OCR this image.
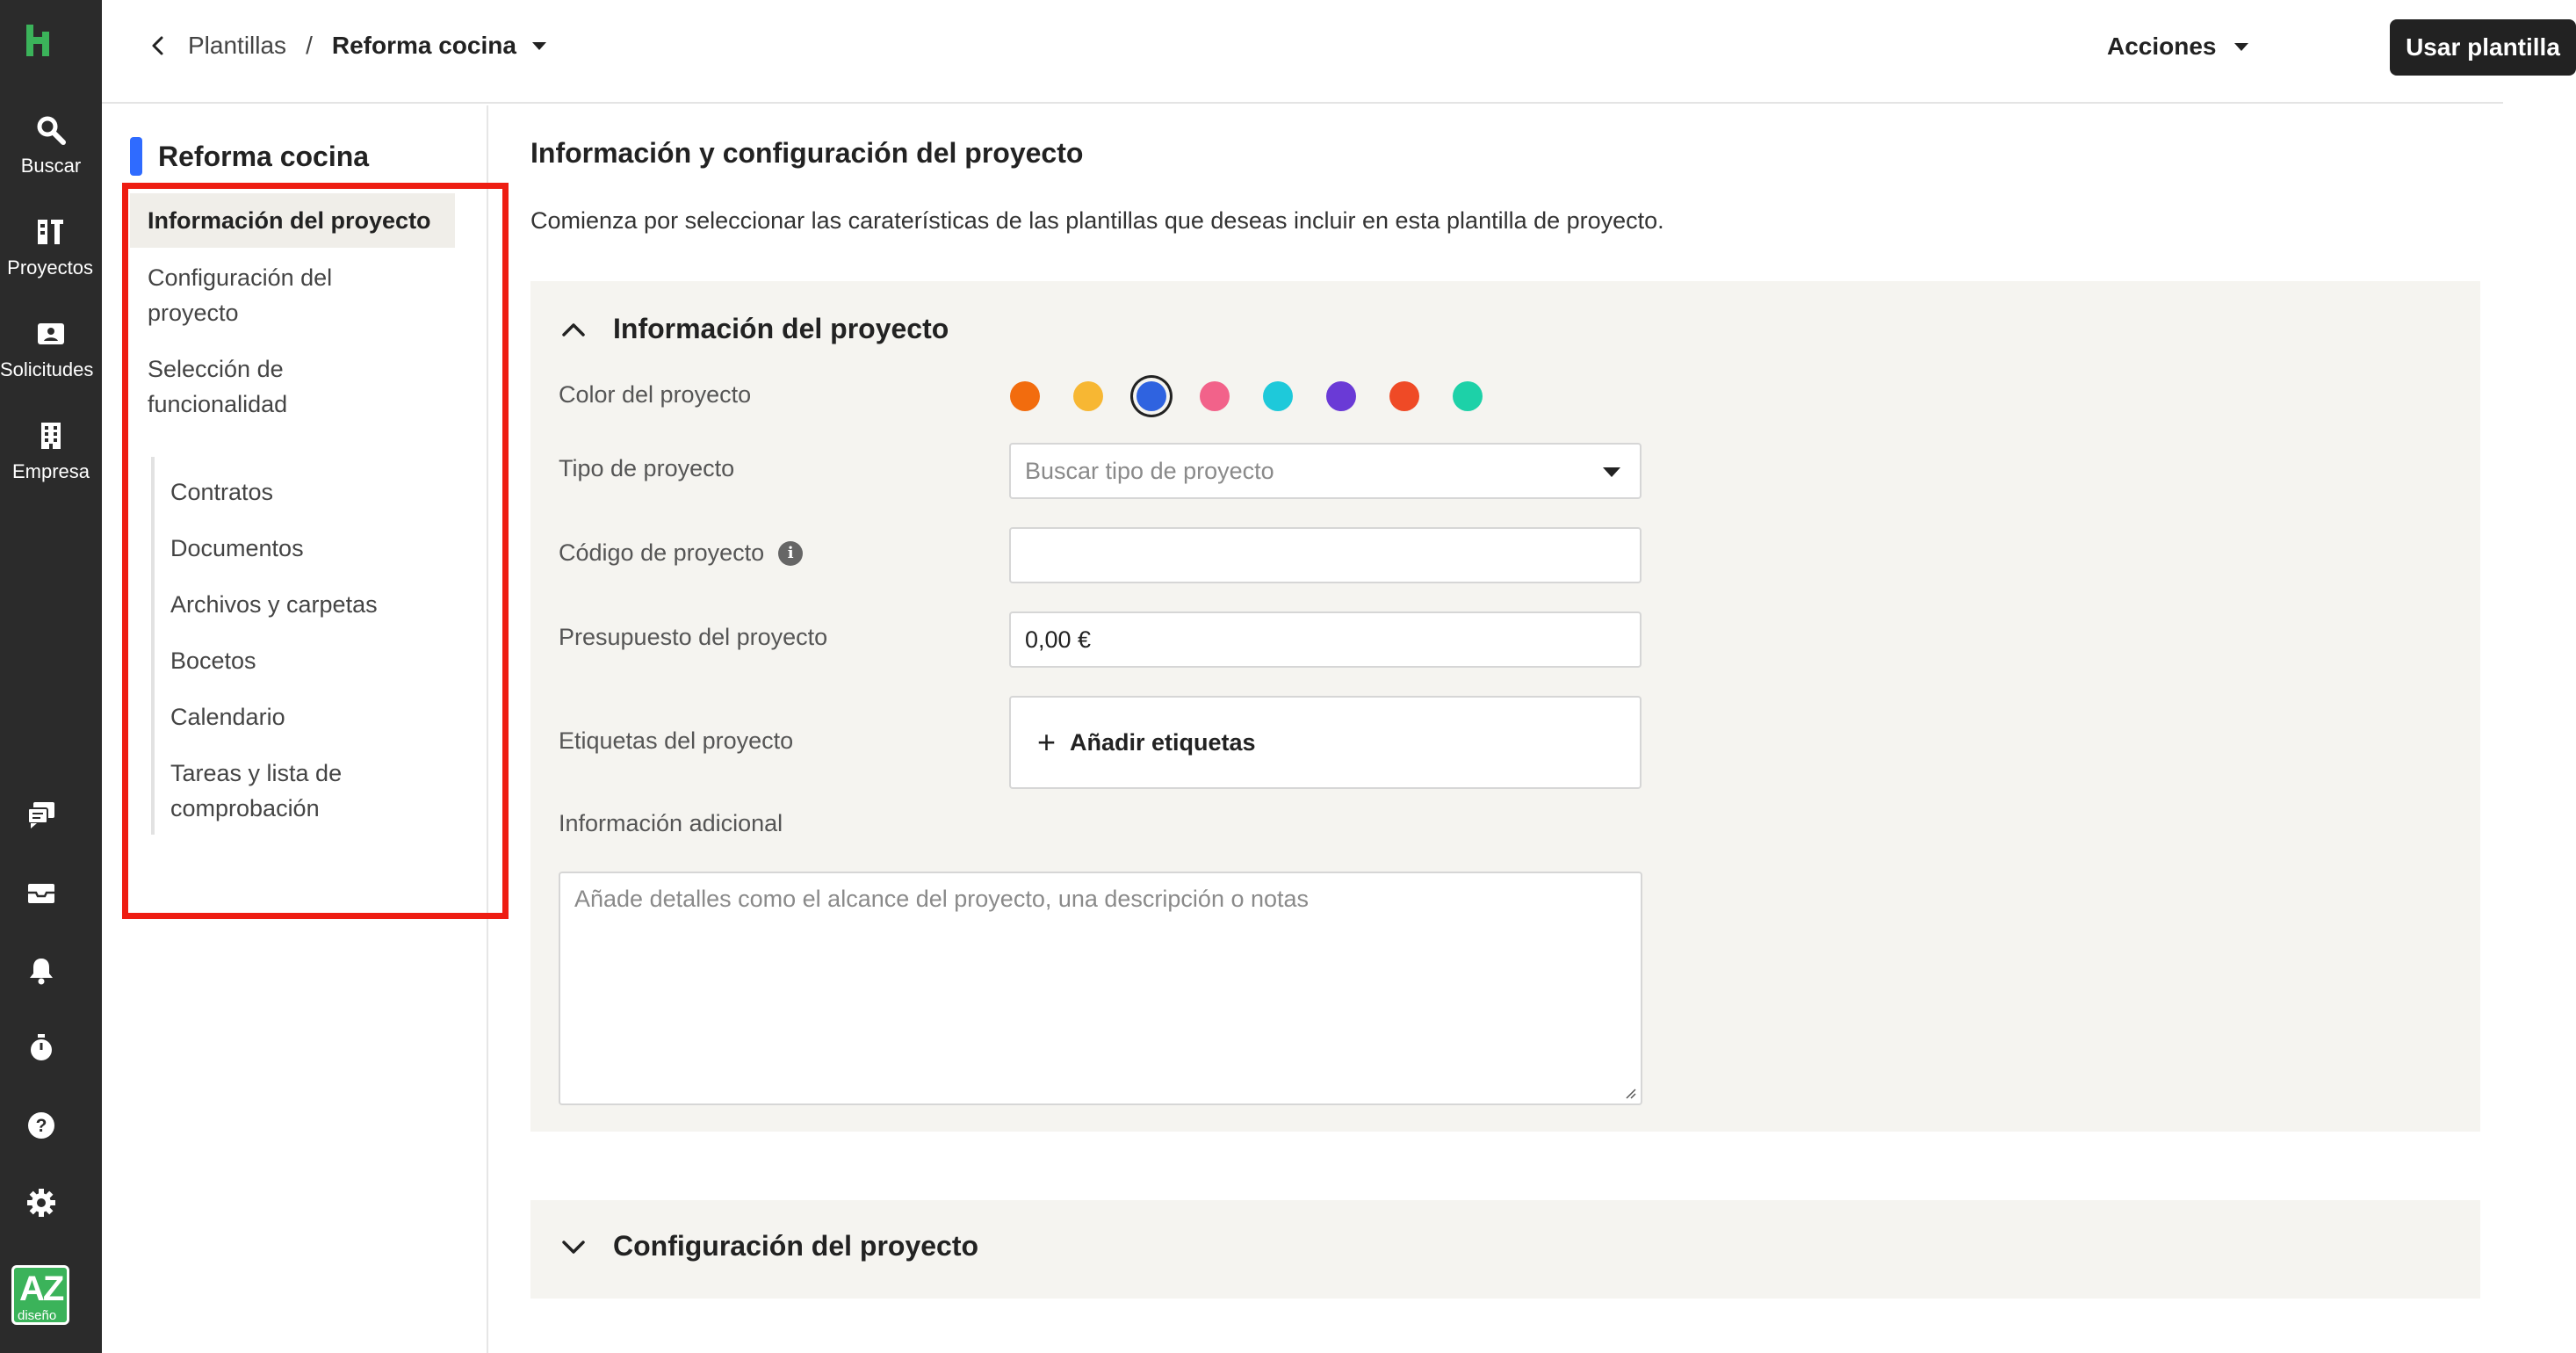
Buscar
Proyectos
Solicitudes
Empresa
?
AZ
diseño
Plantillas / Reforma cocina	Acciones	Usar plantilla
Reforma cocina
Información del proyecto
Configuración del proyecto
Selección de funcionalidad
Contratos
Documentos
Archivos y carpetas
Bocetos
Calendario
Tareas y lista de comprobación
Información y configuración del proyecto
Comienza por seleccionar las caraterísticas de las plantillas que deseas incluir en esta plantilla de proyecto.
Información del proyecto
Color del proyecto
Tipo de proyecto	Buscar tipo de proyecto
Código de proyecto	i
Presupuesto del proyecto	0,00 €
Etiquetas del proyecto	+ Añadir etiquetas
Información adicional
Añade detalles como el alcance del proyecto, una descripción o notas
Configuración del proyecto
